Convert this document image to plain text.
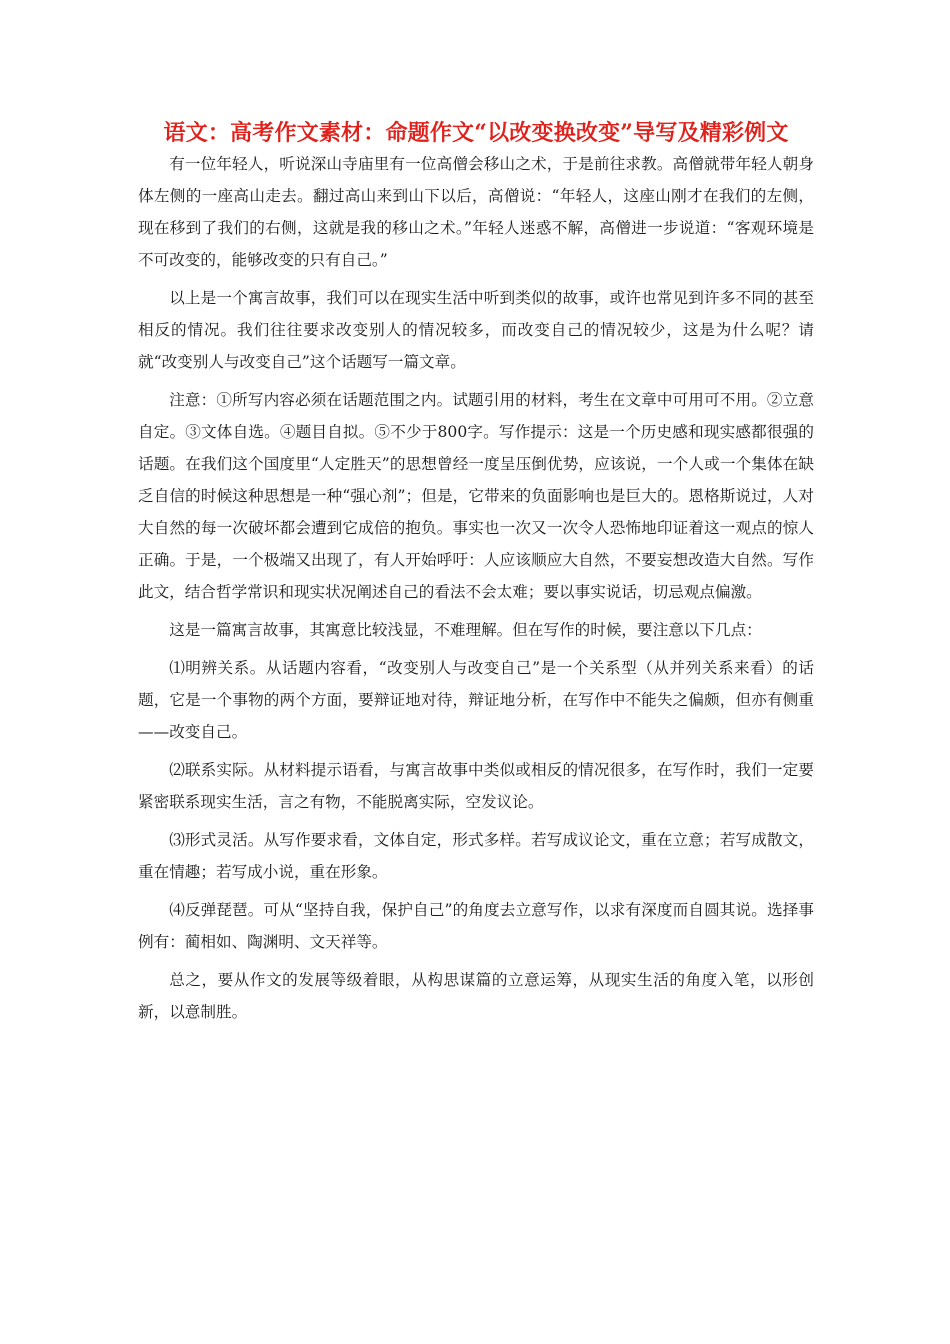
语文：高考作文素材：命题作文“以改变换改变”导写及精彩例文

有一位年轻人，听说深山寺庙里有一位高僧会移山之术，于是前往求教。高僧就带年轻人朝身体左侧的一座高山走去。翻过高山来到山下以后，高僧说：“年轻人，这座山刚才在我们的左侧，现在移到了我们的右侧，这就是我的移山之术。”年轻人迷惑不解，高僧进一步说道：“客观环境是不可改变的，能够改变的只有自己。”

以上是一个寓言故事，我们可以在现实生活中听到类似的故事，或许也常见到许多不同的甚至相反的情况。我们往往要求改变别人的情况较多，而改变自己的情况较少，这是为什么呢？请就“改变别人与改变自己”这个话题写一篇文章。

注意：①所写内容必须在话题范围之内。试题引用的材料，考生在文章中可用可不用。②立意自定。③文体自选。④题目自拟。⑤不少于800字。写作提示：这是一个历史感和现实感都很强的话题。在我们这个国度里“人定胜天”的思想曾经一度呈压倒优势，应该说，一个人或一个集体在缺乏自信的时候这种思想是一种“强心剂”；但是，它带来的负面影响也是巨大的。恩格斯说过，人对大自然的每一次破坏都会遭到它成倍的抱负。事实也一次又一次令人恐怖地印证着这一观点的惊人正确。于是，一个极端又出现了，有人开始呼吁：人应该顺应大自然，不要妄想改造大自然。写作此文，结合哲学常识和现实状况阐述自己的看法不会太难；要以事实说话，切忌观点偏激。

这是一篇寓言故事，其寓意比较浅显，不难理解。但在写作的时候，要注意以下几点：

⑴明辨关系。从话题内容看，“改变别人与改变自己”是一个关系型（从并列关系来看）的话题，它是一个事物的两个方面，要辩证地对待，辩证地分析，在写作中不能失之偏颇，但亦有侧重——改变自己。

⑵联系实际。从材料提示语看，与寓言故事中类似或相反的情况很多，在写作时，我们一定要紧密联系现实生活，言之有物，不能脱离实际，空发议论。

⑶形式灵活。从写作要求看，文体自定，形式多样。若写成议论文，重在立意；若写成散文，重在情趣；若写成小说，重在形象。

⑷反弹琵琶。可从“坚持自我，保护自己”的角度去立意写作，以求有深度而自圆其说。选择事例有：蔺相如、陶渊明、文天祥等。

总之，要从作文的发展等级着眼，从构思谋篇的立意运筹，从现实生活的角度入笔，以形创新，以意制胜。
